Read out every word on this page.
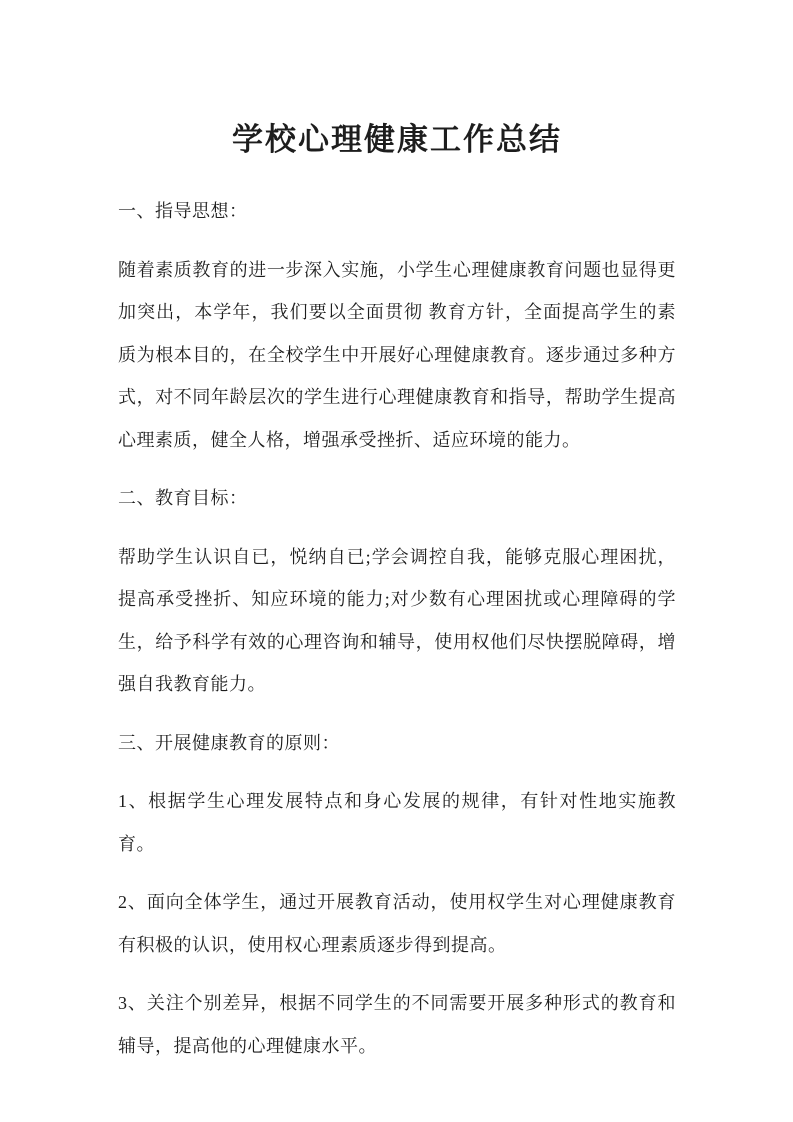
学校心理健康工作总结

一、指导思想：

随着素质教育的进一步深入实施，小学生心理健康教育问题也显得更加突出，本学年，我们要以全面贯彻 教育方针，全面提高学生的素质为根本目的，在全校学生中开展好心理健康教育。逐步通过多种方式，对不同年龄层次的学生进行心理健康教育和指导，帮助学生提高心理素质，健全人格，增强承受挫折、适应环境的能力。

二、教育目标：

帮助学生认识自已，悦纳自已;学会调控自我，能够克服心理困扰，提高承受挫折、知应环境的能力;对少数有心理困扰或心理障碍的学生，给予科学有效的心理咨询和辅导，使用权他们尽快摆脱障碍，增强自我教育能力。

三、开展健康教育的原则：

1、根据学生心理发展特点和身心发展的规律，有针对性地实施教育。

2、面向全体学生，通过开展教育活动，使用权学生对心理健康教育有积极的认识，使用权心理素质逐步得到提高。

3、关注个别差异，根据不同学生的不同需要开展多种形式的教育和辅导，提高他的心理健康水平。
